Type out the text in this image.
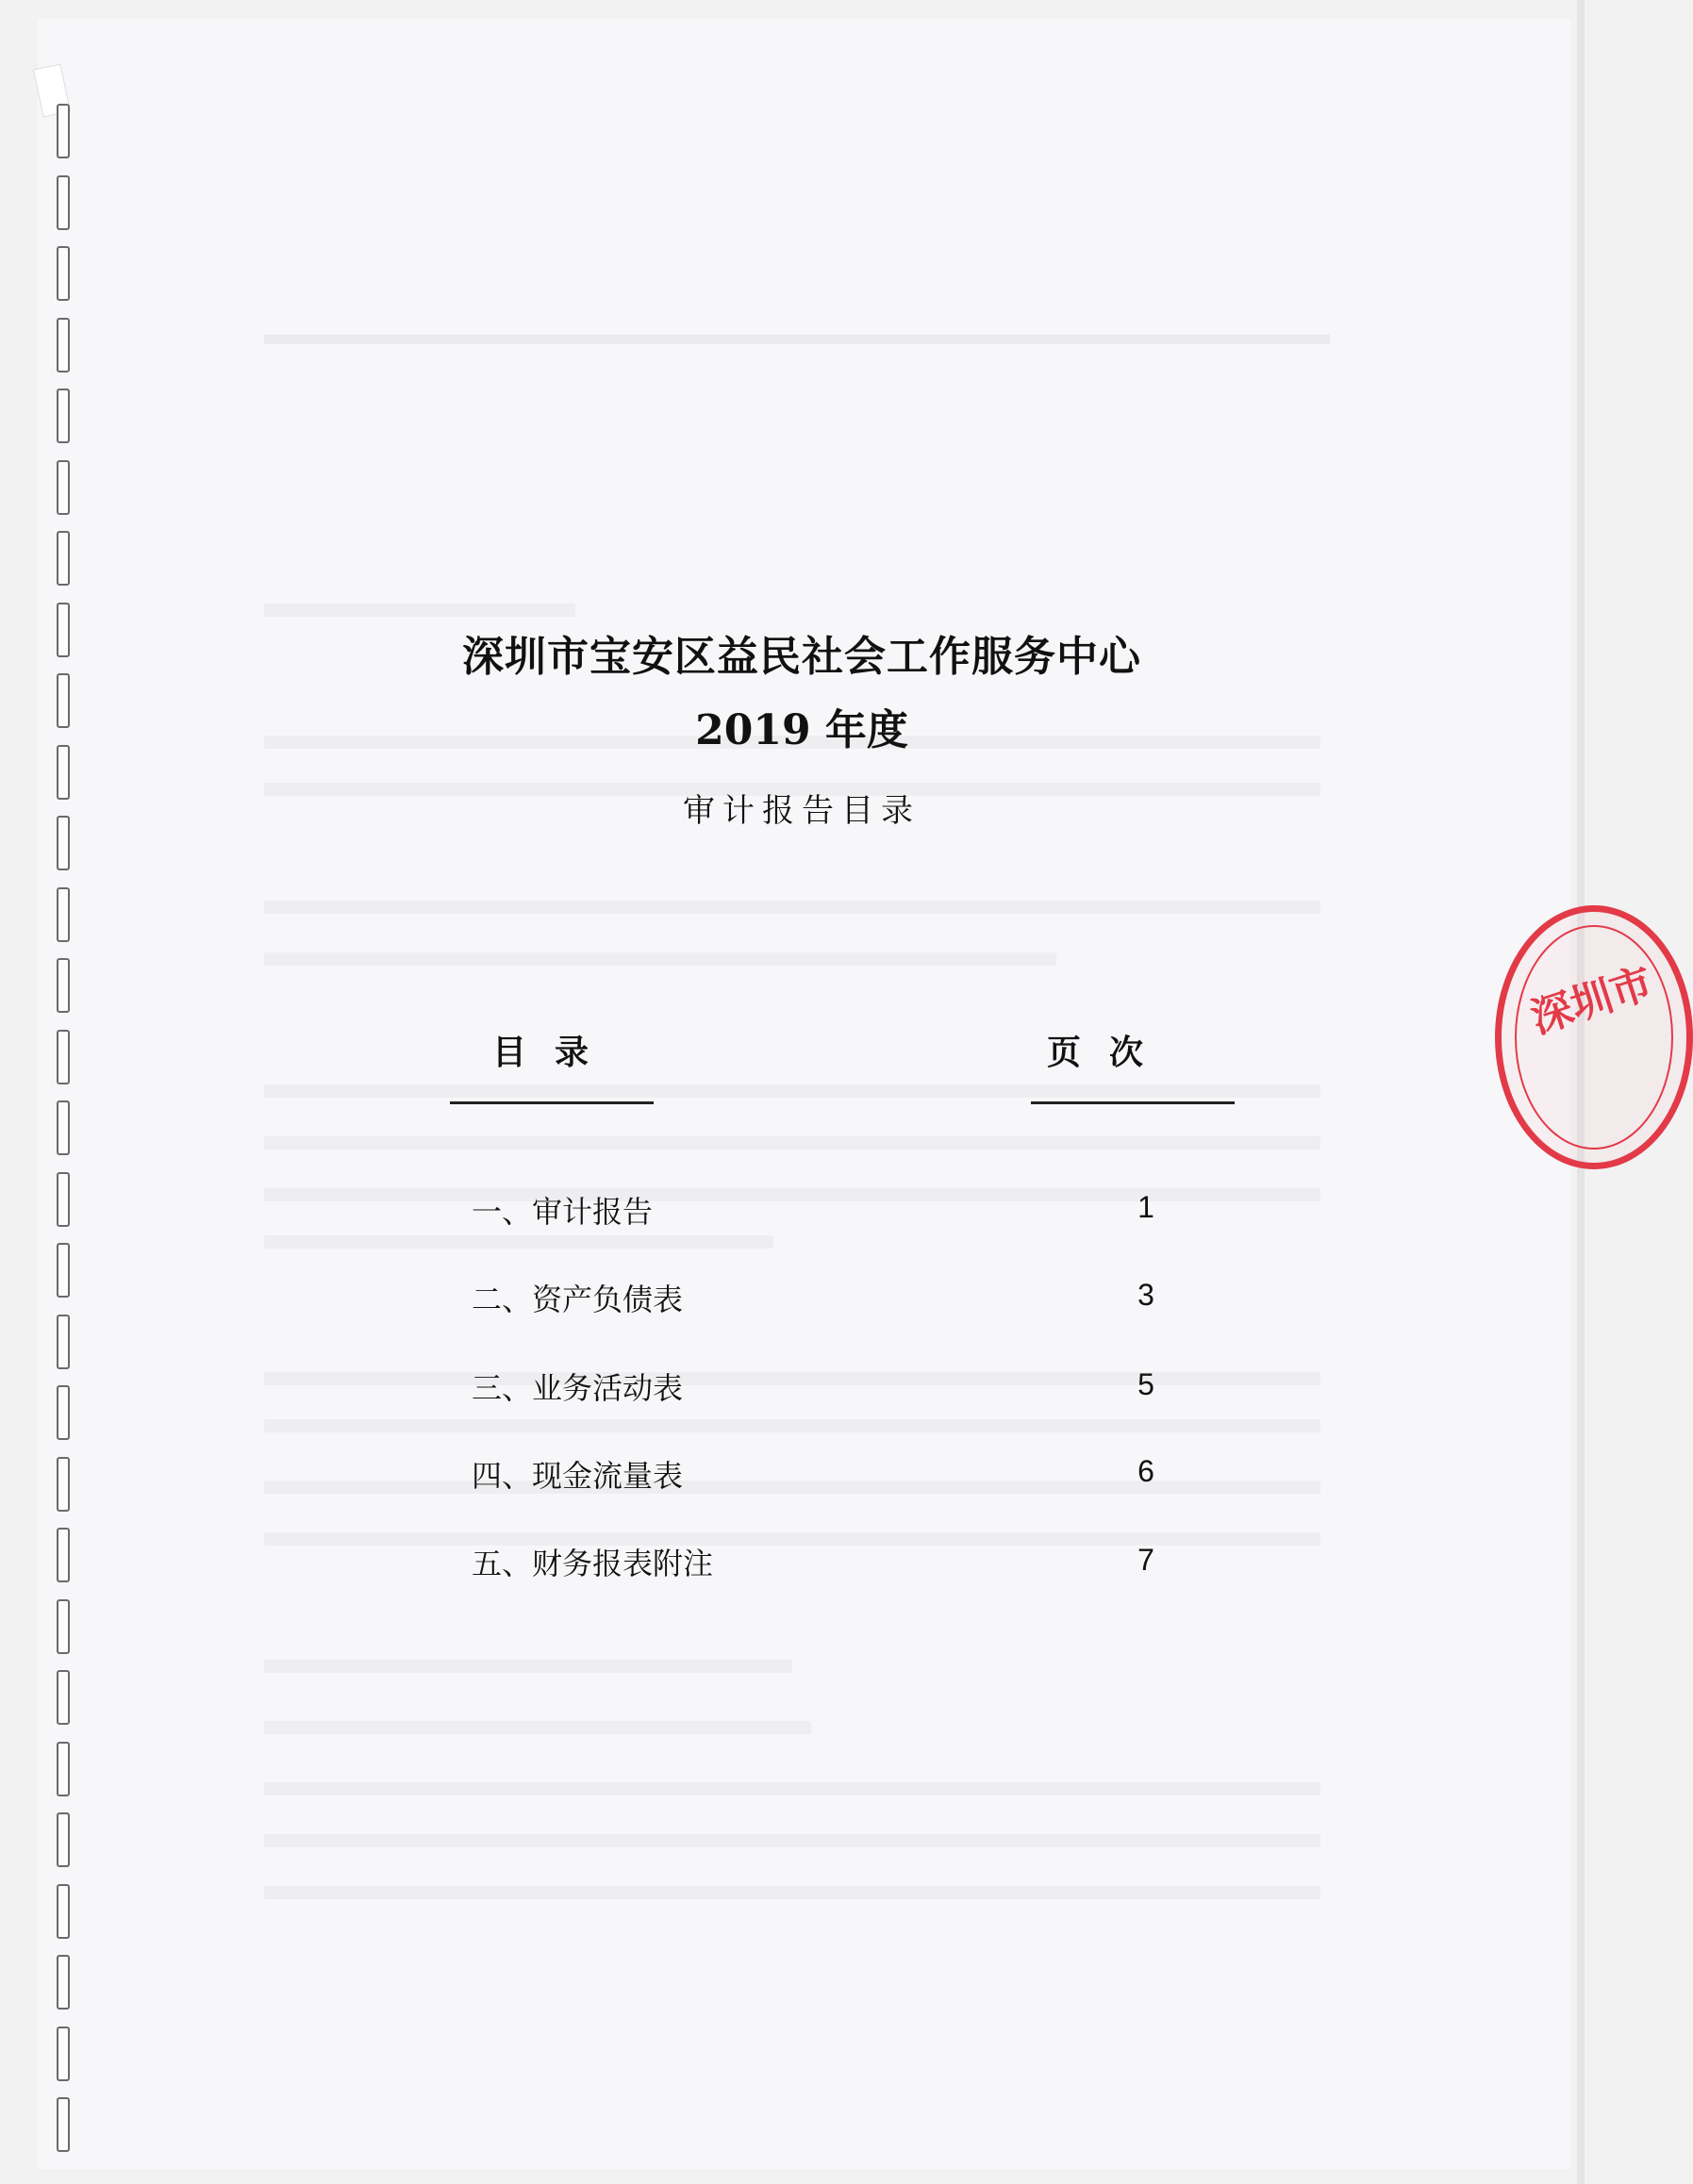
深圳市宝安区益民社会工作服务中心
2019 年度
审计报告目录
目录	页次
一、审计报告	1
二、资产负债表	3
三、业务活动表	5
四、现金流量表	6
五、财务报表附注	7
深圳市
